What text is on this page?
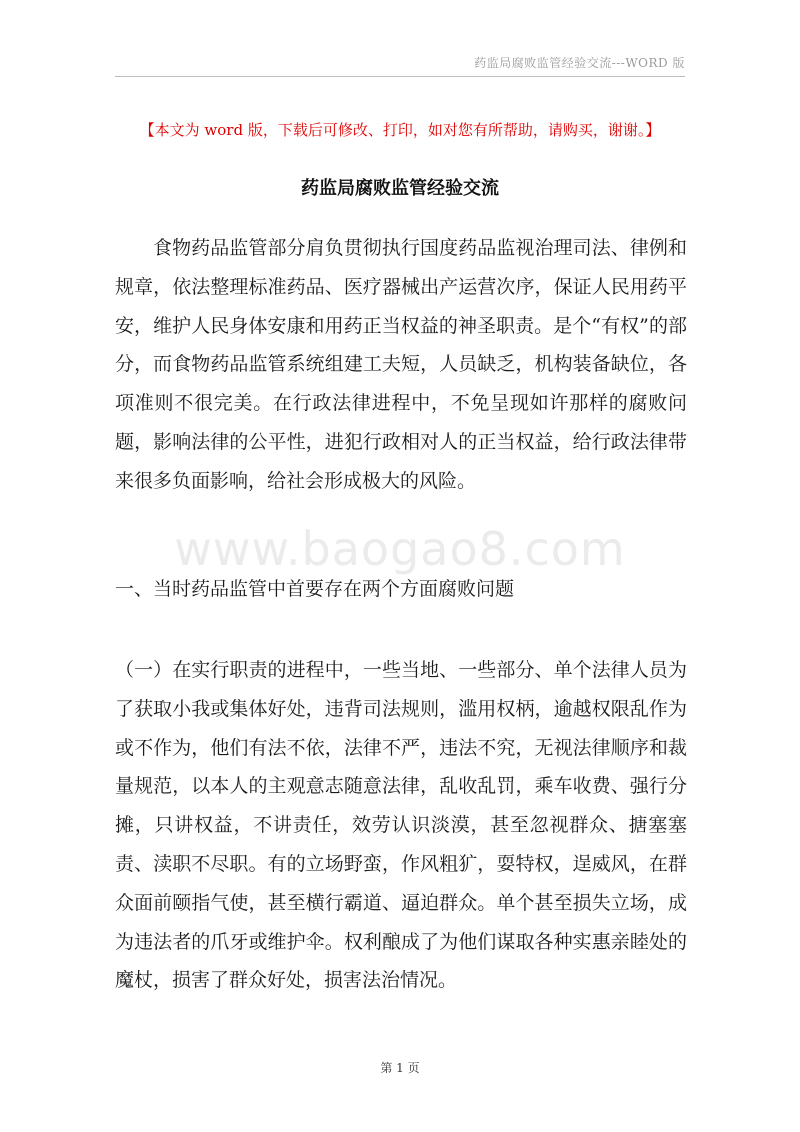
药监局腐败监管经验交流---WORD 版
【本文为 word 版，下载后可修改、打印，如对您有所帮助，请购买，谢谢。】
药监局腐败监管经验交流

食物药品监管部分肩负贯彻执行国度药品监视治理司法、律例和规章，依法整理标准药品、医疗器械出产运营次序，保证人民用药平安，维护人民身体安康和用药正当权益的神圣职责。是个“有权”的部分，而食物药品监管系统组建工夫短，人员缺乏，机构装备缺位，各项准则不很完美。在行政法律进程中，不免呈现如许那样的腐败问题，影响法律的公平性，进犯行政相对人的正当权益，给行政法律带来很多负面影响，给社会形成极大的风险。

www.baogao8.com

一、当时药品监管中首要存在两个方面腐败问题

（一）在实行职责的进程中，一些当地、一些部分、单个法律人员为了获取小我或集体好处，违背司法规则，滥用权柄，逾越权限乱作为或不作为，他们有法不依，法律不严，违法不究，无视法律顺序和裁量规范，以本人的主观意志随意法律，乱收乱罚，乘车收费、强行分摊，只讲权益，不讲责任，效劳认识淡漠，甚至忽视群众、搪塞塞责、渎职不尽职。有的立场野蛮，作风粗犷，耍特权，逞威风，在群众面前颐指气使，甚至横行霸道、逼迫群众。单个甚至损失立场，成为违法者的爪牙或维护伞。权利酿成了为他们谋取各种实惠亲睦处的魔杖，损害了群众好处，损害法治情况。

第 1 页
